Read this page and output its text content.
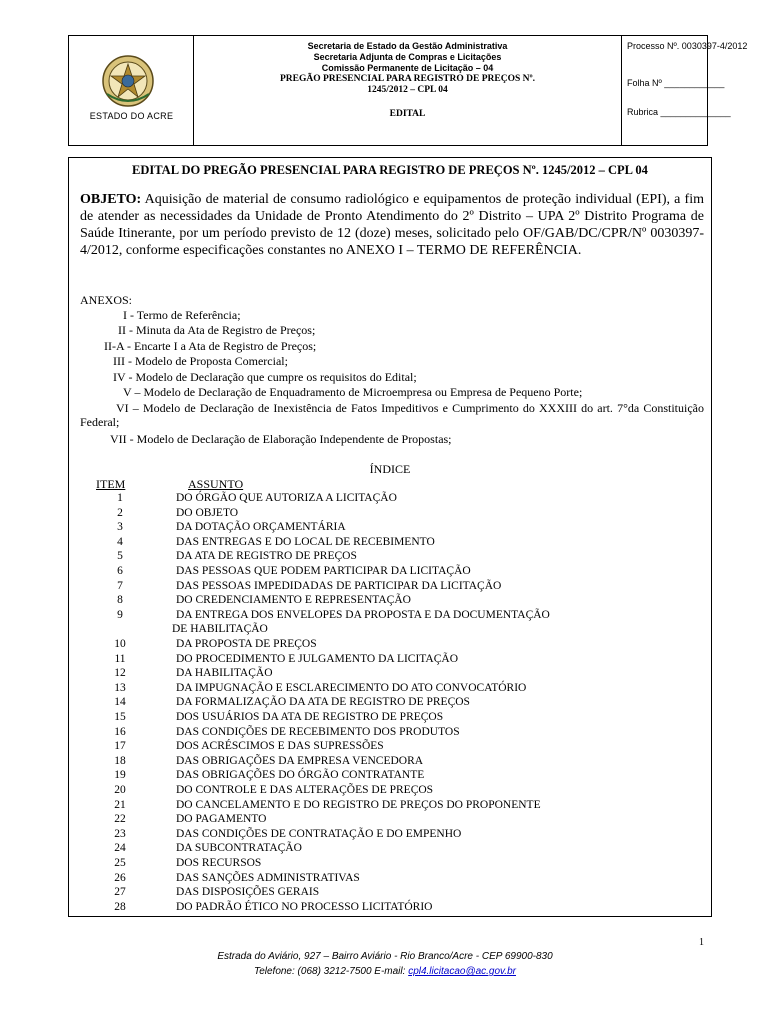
ESTADO DO ACRE
Secretaria de Estado da Gestão Administrativa
Secretaria Adjunta de Compras e Licitações
Comissão Permanente de Licitação – 04
PREGÃO PRESENCIAL PARA REGISTRO DE PREÇOS Nº.
1245/2012 – CPL 04
EDITAL
Processo Nº. 0030397-4/2012
Folha Nº ____________
Rubrica ______________
EDITAL DO PREGÃO PRESENCIAL PARA REGISTRO DE PREÇOS Nº. 1245/2012 – CPL 04
OBJETO: Aquisição de material de consumo radiológico e equipamentos de proteção individual (EPI), a fim de atender as necessidades da Unidade de Pronto Atendimento do 2º Distrito – UPA 2º Distrito Programa de Saúde Itinerante, por um período previsto de 12 (doze) meses, solicitado pelo OF/GAB/DC/CPR/Nº 0030397-4/2012, conforme especificações constantes no ANEXO I – TERMO DE REFERÊNCIA.
ANEXOS:
I - Termo de Referência;
II - Minuta da Ata de Registro de Preços;
II-A - Encarte I a Ata de Registro de Preços;
III - Modelo de Proposta Comercial;
IV - Modelo de Declaração que cumpre os requisitos do Edital;
V – Modelo de Declaração de Enquadramento de Microempresa ou Empresa de Pequeno Porte;
VI – Modelo de Declaração de Inexistência de Fatos Impeditivos e Cumprimento do XXXIII do art. 7°da Constituição Federal;
VII - Modelo de Declaração de Elaboração Independente de Propostas;
ÍNDICE
ITEM	ASSUNTO
1	DO ÓRGÃO QUE AUTORIZA A LICITAÇÃO
2	DO OBJETO
3	DA DOTAÇÃO ORÇAMENTÁRIA
4	DAS ENTREGAS E DO LOCAL DE RECEBIMENTO
5	DA ATA DE REGISTRO DE PREÇOS
6	DAS PESSOAS QUE PODEM PARTICIPAR DA LICITAÇÃO
7	DAS PESSOAS IMPEDIDADAS DE PARTICIPAR DA LICITAÇÃO
8	DO CREDENCIAMENTO E REPRESENTAÇÃO
9	DA ENTREGA DOS ENVELOPES DA PROPOSTA E DA DOCUMENTAÇÃO
DE HABILITAÇÃO
10	DA PROPOSTA DE PREÇOS
11	DO PROCEDIMENTO E JULGAMENTO DA LICITAÇÃO
12	DA HABILITAÇÃO
13	DA IMPUGNAÇÃO E ESCLARECIMENTO DO ATO CONVOCATÓRIO
14	DA FORMALIZAÇÃO DA ATA DE REGISTRO DE PREÇOS
15	DOS USUÁRIOS DA ATA DE REGISTRO DE PREÇOS
16	DAS CONDIÇÕES DE RECEBIMENTO DOS PRODUTOS
17	DOS ACRÉSCIMOS E DAS SUPRESSÕES
18	DAS OBRIGAÇÕES DA EMPRESA VENCEDORA
19	DAS OBRIGAÇÕES DO ÓRGÃO CONTRATANTE
20	DO CONTROLE E DAS ALTERAÇÕES DE PREÇOS
21	DO CANCELAMENTO E DO REGISTRO DE PREÇOS DO PROPONENTE
22	DO PAGAMENTO
23	DAS CONDIÇÕES DE CONTRATAÇÃO E DO EMPENHO
24	DA SUBCONTRATAÇÃO
25	DOS RECURSOS
26	DAS SANÇÕES ADMINISTRATIVAS
27	DAS DISPOSIÇÕES GERAIS
28	DO PADRÃO ÉTICO NO PROCESSO LICITATÓRIO
1
Estrada do Aviário, 927 – Bairro Aviário - Rio Branco/Acre - CEP 69900-830
Telefone: (068) 3212-7500 E-mail: cpl4.licitacao@ac.gov.br
